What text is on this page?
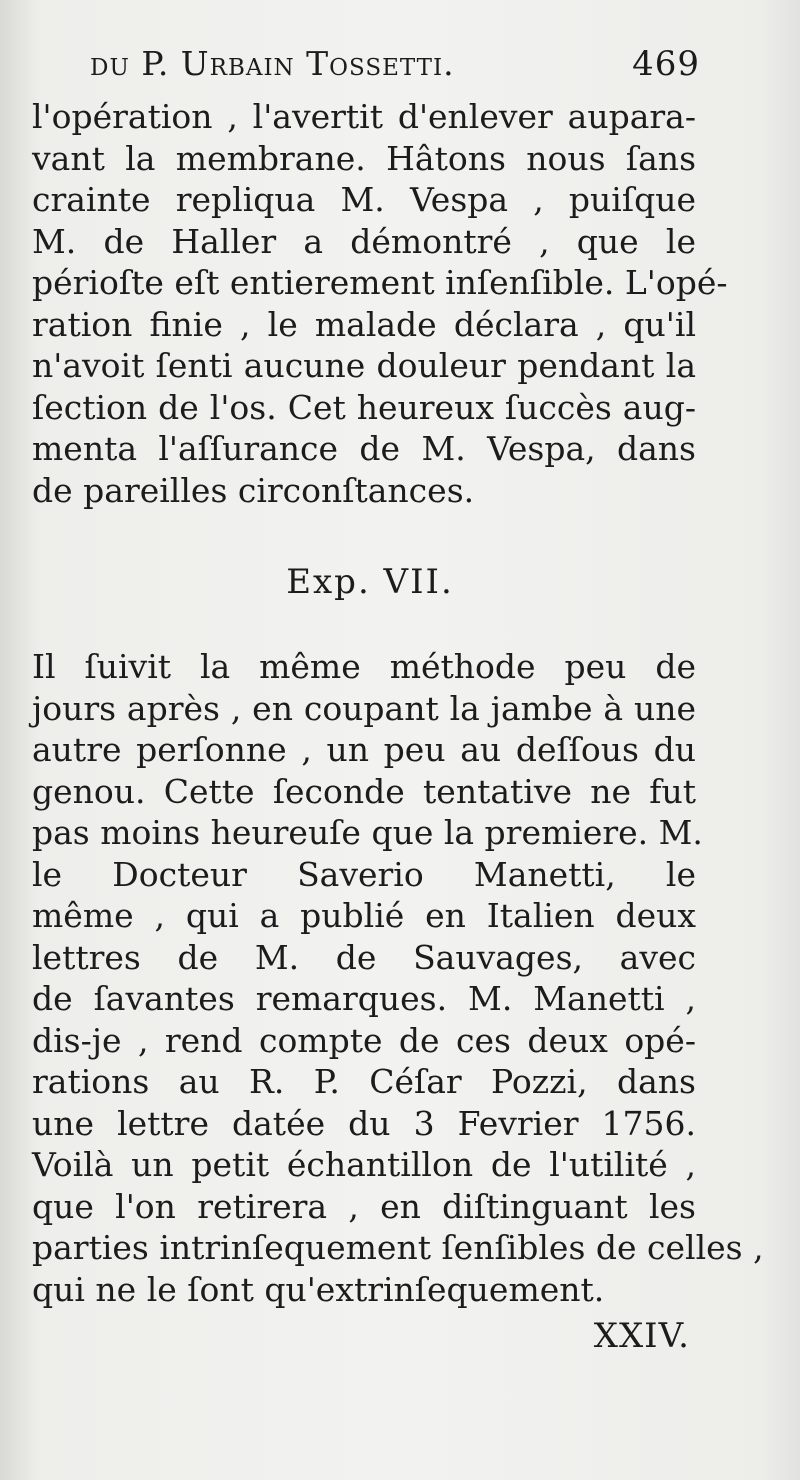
du P. Urbain Tossetti.	469
l'opération , l'avertit d'enlever aupara-
vant la membrane. Hâtons nous ſans
crainte repliqua M. Vespa , puiſque
M. de Haller a démontré , que le
périoſte eſt entierement inſenſible. L'opé-
ration finie , le malade déclara , qu'il
n'avoit ſenti aucune douleur pendant la
ſection de l'os. Cet heureux ſuccès aug-
menta l'aſſurance de M. Vespa, dans
de pareilles circonſtances.
Exp. VII.
Il ſuivit la même méthode peu de
jours après , en coupant la jambe à une
autre perſonne , un peu au deſſous du
genou. Cette ſeconde tentative ne fut
pas moins heureuſe que la premiere. M.
le Docteur Saverio Manetti, le
même , qui a publié en Italien deux
lettres de M. de Sauvages, avec
de ſavantes remarques. M. Manetti ,
dis-je , rend compte de ces deux opé-
rations au R. P. Céſar Pozzi, dans
une lettre datée du 3 Fevrier 1756.
Voilà un petit échantillon de l'utilité ,
que l'on retirera , en diſtinguant les
parties intrinſequement ſenſibles de celles ,
qui ne le ſont qu'extrinſequement.
XXIV.
